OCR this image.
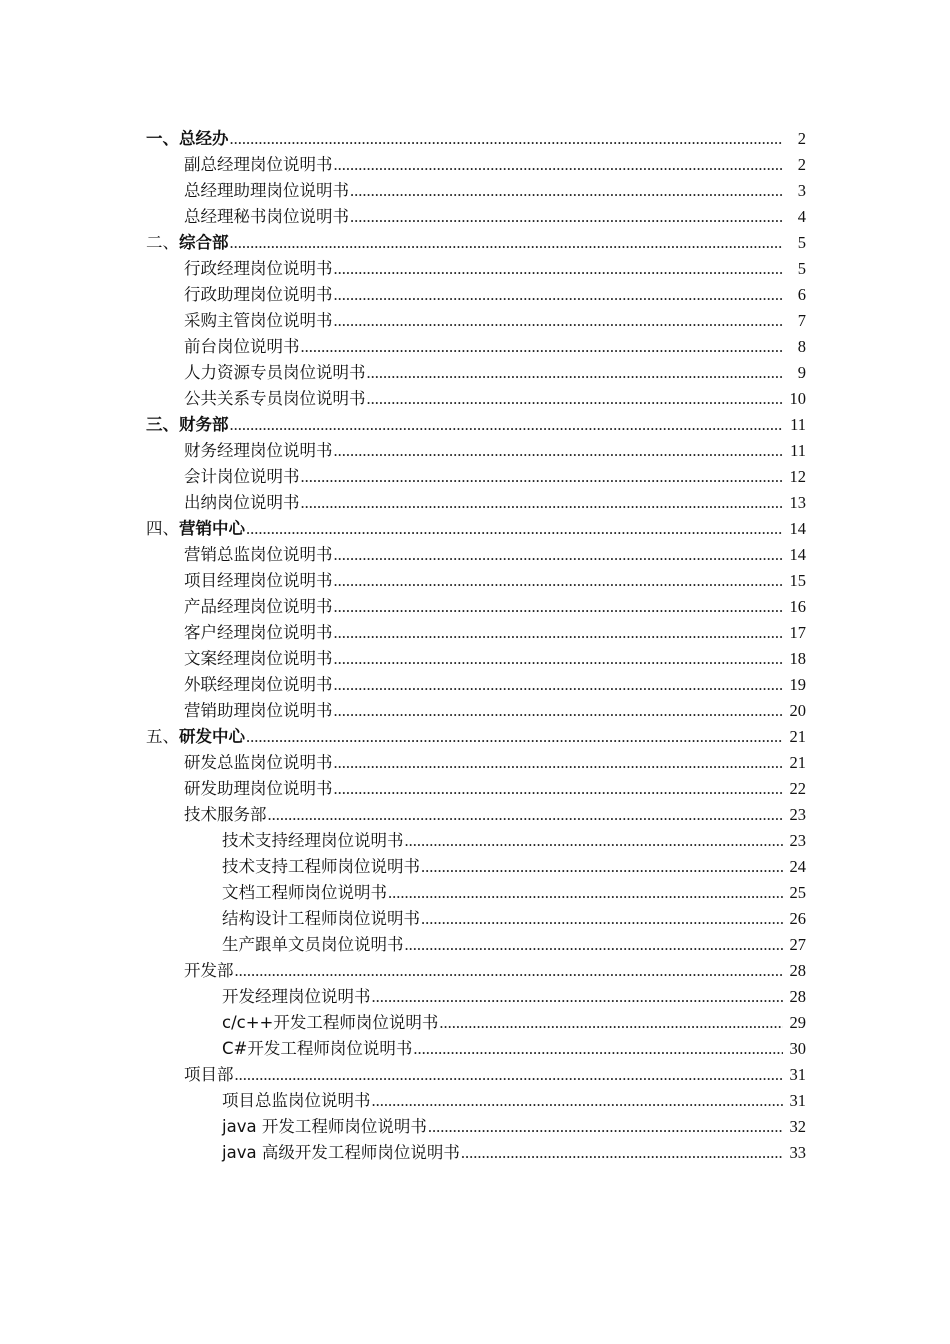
一、总经办 .....	2
副总经理岗位说明书 .....	2
总经理助理岗位说明书 .....	3
总经理秘书岗位说明书 .....	4
二、综合部 .....	5
行政经理岗位说明书 .....	5
行政助理岗位说明书 .....	6
采购主管岗位说明书 .....	7
前台岗位说明书 .....	8
人力资源专员岗位说明书 .....	9
公共关系专员岗位说明书 .....	10
三、财务部 .....	11
财务经理岗位说明书 .....	11
会计岗位说明书 .....	12
出纳岗位说明书 .....	13
四、营销中心 .....	14
营销总监岗位说明书 .....	14
项目经理岗位说明书 .....	15
产品经理岗位说明书 .....	16
客户经理岗位说明书 .....	17
文案经理岗位说明书 .....	18
外联经理岗位说明书 .....	19
营销助理岗位说明书 .....	20
五、研发中心 .....	21
研发总监岗位说明书 .....	21
研发助理岗位说明书 .....	22
技术服务部 .....	23
技术支持经理岗位说明书 .....	23
技术支持工程师岗位说明书 .....	24
文档工程师岗位说明书 .....	25
结构设计工程师岗位说明书 .....	26
生产跟单文员岗位说明书 .....	27
开发部 .....	28
开发经理岗位说明书 .....	28
c/c++开发工程师岗位说明书 .....	29
C#开发工程师岗位说明书 .....	30
项目部 .....	31
项目总监岗位说明书 .....	31
java 开发工程师岗位说明书 .....	32
java 高级开发工程师岗位说明书 .....	33
